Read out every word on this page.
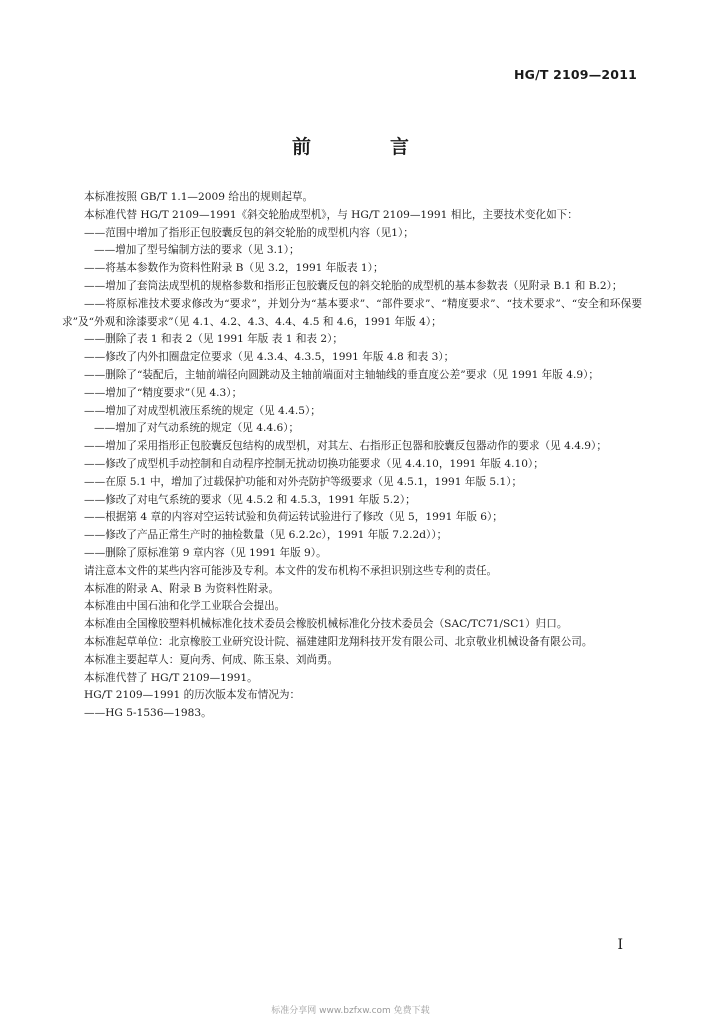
HG/T 2109—2011
前　言

本标准按照 GB/T 1.1—2009 给出的规则起草。

本标准代替 HG/T 2109—1991《斜交轮胎成型机》，与 HG/T 2109—1991 相比，主要技术变化如下：

——范围中增加了指形正包胶囊反包的斜交轮胎的成型机内容（见1）；

——增加了型号编制方法的要求（见 3.1）；

——将基本参数作为资料性附录 B（见 3.2，1991 年版表 1）；

——增加了套筒法成型机的规格参数和指形正包胶囊反包的斜交轮胎的成型机的基本参数表（见附录 B.1 和 B.2）；

——将原标准技术要求修改为“要求”，并划分为“基本要求”、“部件要求”、“精度要求”、“技术要求”、“安全和环保要求”及“外观和涂漆要求”（见 4.1、4.2、4.3、4.4、4.5 和 4.6，1991 年版 4）；

——删除了表 1 和表 2（见 1991 年版 表 1 和表 2）；

——修改了内外扣圈盘定位要求（见 4.3.4、4.3.5，1991 年版 4.8 和表 3）；

——删除了“装配后，主轴前端径向圆跳动及主轴前端面对主轴轴线的垂直度公差”要求（见 1991 年版 4.9）；

——增加了“精度要求”（见 4.3）；

——增加了对成型机液压系统的规定（见 4.4.5）；

——增加了对气动系统的规定（见 4.4.6）；

——增加了采用指形正包胶囊反包结构的成型机，对其左、右指形正包器和胶囊反包器动作的要求（见 4.4.9）；

——修改了成型机手动控制和自动程序控制无扰动切换功能要求（见 4.4.10，1991 年版 4.10）；

——在原 5.1 中，增加了过载保护功能和对外壳防护等级要求（见 4.5.1，1991 年版 5.1）；

——修改了对电气系统的要求（见 4.5.2 和 4.5.3，1991 年版 5.2）；

——根据第 4 章的内容对空运转试验和负荷运转试验进行了修改（见 5，1991 年版 6）；

——修改了产品正常生产时的抽检数量（见 6.2.2c），1991 年版 7.2.2d））；

——删除了原标准第 9 章内容（见 1991 年版 9）。

请注意本文件的某些内容可能涉及专利。本文件的发布机构不承担识别这些专利的责任。

本标准的附录 A、附录 B 为资料性附录。

本标准由中国石油和化学工业联合会提出。

本标准由全国橡胶塑料机械标准化技术委员会橡胶机械标准化分技术委员会（SAC/TC71/SC1）归口。

本标准起草单位：北京橡胶工业研究设计院、福建建阳龙翔科技开发有限公司、北京敬业机械设备有限公司。

本标准主要起草人：夏向秀、何成、陈玉泉、刘尚勇。

本标准代替了 HG/T 2109—1991。

HG/T 2109—1991 的历次版本发布情况为：

——HG 5-1536—1983。

I
标准分享网 www.bzfxw.com 免费下载
